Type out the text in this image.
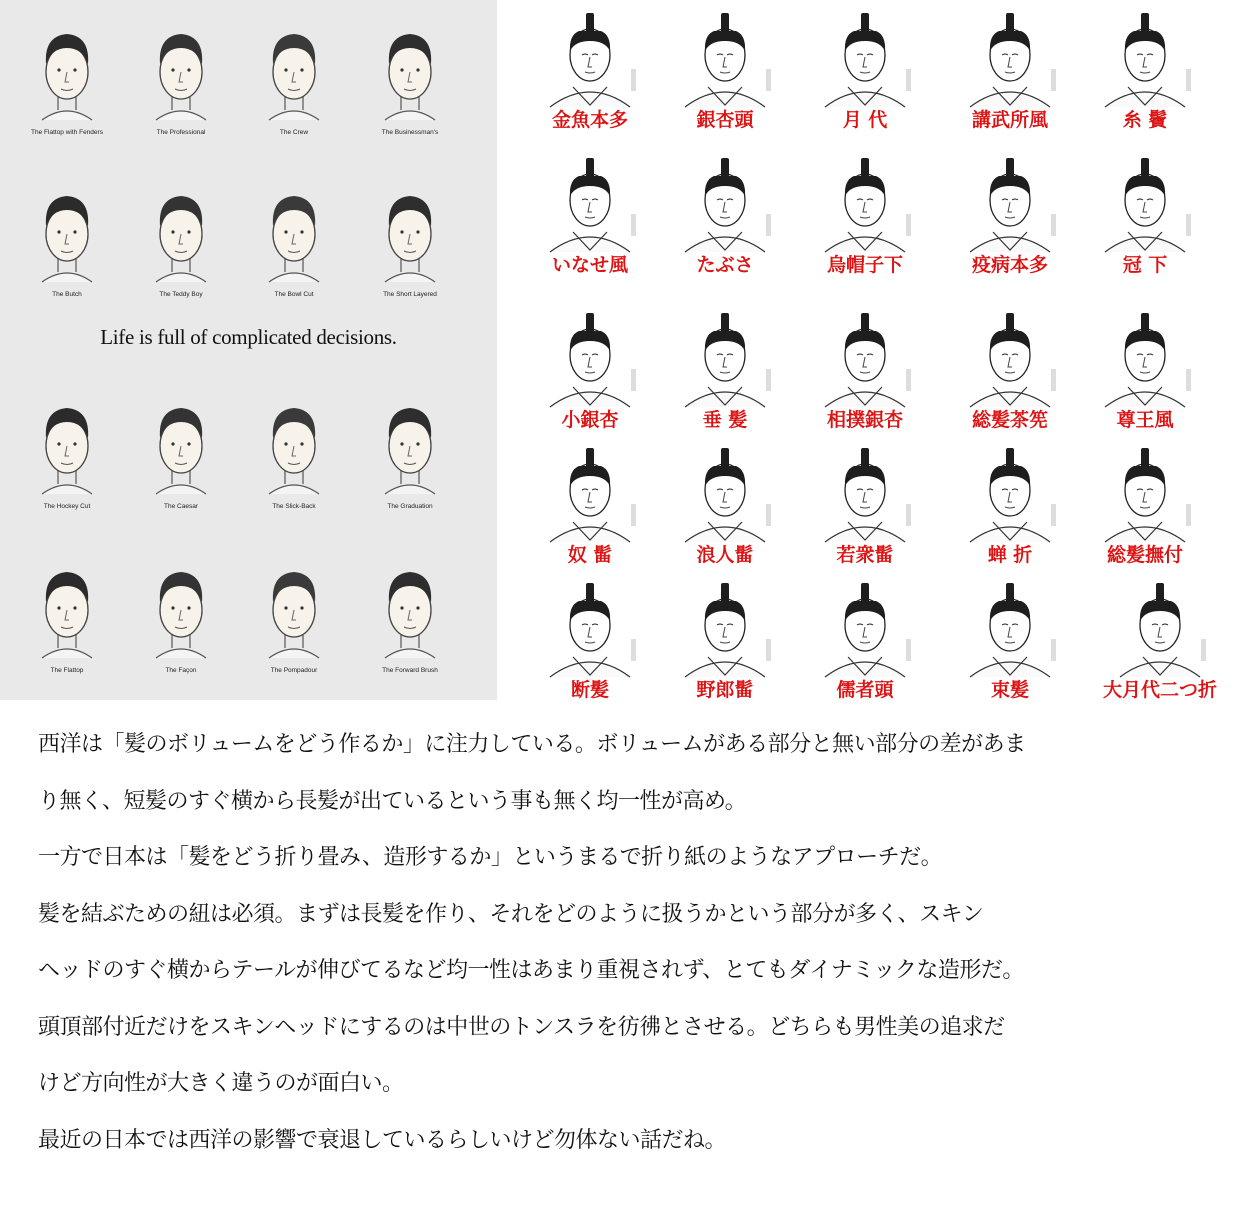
Life is full of complicated decisions.
The Flattop with Fenders	The Professional	The Crew	The Businessman's
The Butch	The Teddy Boy	The Bowl Cut	The Short Layered
The Hockey Cut	The Caesar	The Slick-Back	The Graduation
The Flattop	The Façon	The Pompadour	The Forward Brush
金魚本多	銀杏頭	月 代	講武所風	糸 鬢
いなせ風	たぶさ	烏帽子下	疫病本多	冠 下
小銀杏	垂 髪	相撲銀杏	総髪茶筅	尊王風
奴 髷	浪人髷	若衆髷	蝉 折	総髪撫付
断髪	野郎髷	儒者頭	束髪	大月代二つ折
西洋は「髪のボリュームをどう作るか」に注力している。ボリュームがある部分と無い部分の差があま
り無く、短髪のすぐ横から長髪が出ているという事も無く均一性が高め。
一方で日本は「髪をどう折り畳み、造形するか」というまるで折り紙のようなアプローチだ。
髪を結ぶための紐は必須。まずは長髪を作り、それをどのように扱うかという部分が多く、スキン
ヘッドのすぐ横からテールが伸びてるなど均一性はあまり重視されず、とてもダイナミックな造形だ。
頭頂部付近だけをスキンヘッドにするのは中世のトンスラを彷彿とさせる。どちらも男性美の追求だ
けど方向性が大きく違うのが面白い。
最近の日本では西洋の影響で衰退しているらしいけど勿体ない話だね。
